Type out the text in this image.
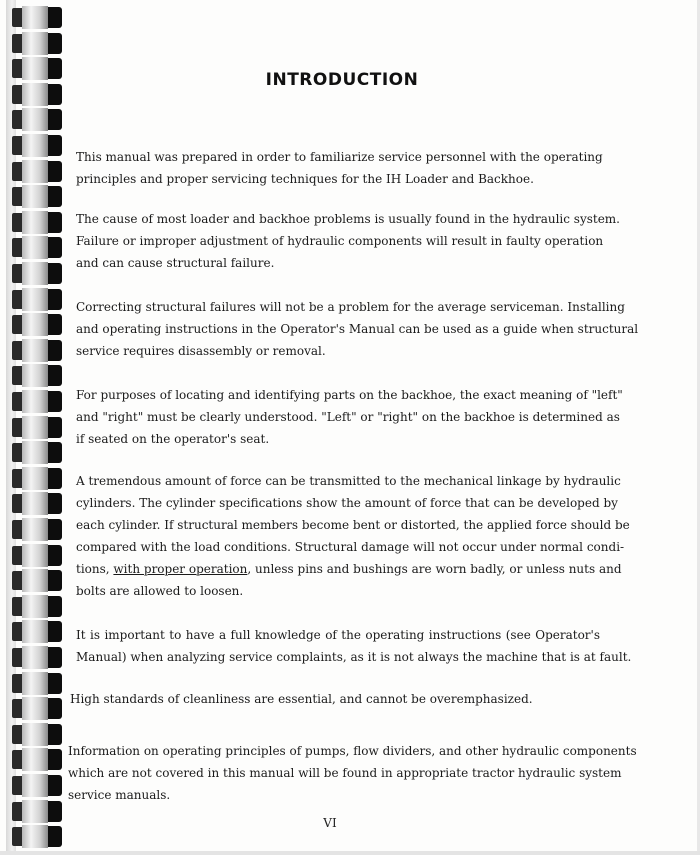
INTRODUCTION
This manual was prepared in order to familiarize service personnel with the operating
principles and proper servicing techniques for the IH Loader and Backhoe.
The cause of most loader and backhoe problems is usually found in the hydraulic system.
Failure or improper adjustment of hydraulic components will result in faulty operation
and can cause structural failure.
Correcting structural failures will not be a problem for the average serviceman. Installing
and operating instructions in the Operator's Manual can be used as a guide when structural
service requires disassembly or removal.
For purposes of locating and identifying parts on the backhoe, the exact meaning of "left"
and "right" must be clearly understood. "Left" or "right" on the backhoe is determined as
if seated on the operator's seat.
A tremendous amount of force can be transmitted to the mechanical linkage by hydraulic
cylinders. The cylinder specifications show the amount of force that can be developed by
each cylinder. If structural members become bent or distorted, the applied force should be
compared with the load conditions. Structural damage will not occur under normal condi-
tions, with proper operation, unless pins and bushings are worn badly, or unless nuts and
bolts are allowed to loosen.
It is important to have a full knowledge of the operating instructions (see Operator's
Manual) when analyzing service complaints, as it is not always the machine that is at fault.
High standards of cleanliness are essential, and cannot be overemphasized.
Information on operating principles of pumps, flow dividers, and other hydraulic components
which are not covered in this manual will be found in appropriate tractor hydraulic system
service manuals.
VI
